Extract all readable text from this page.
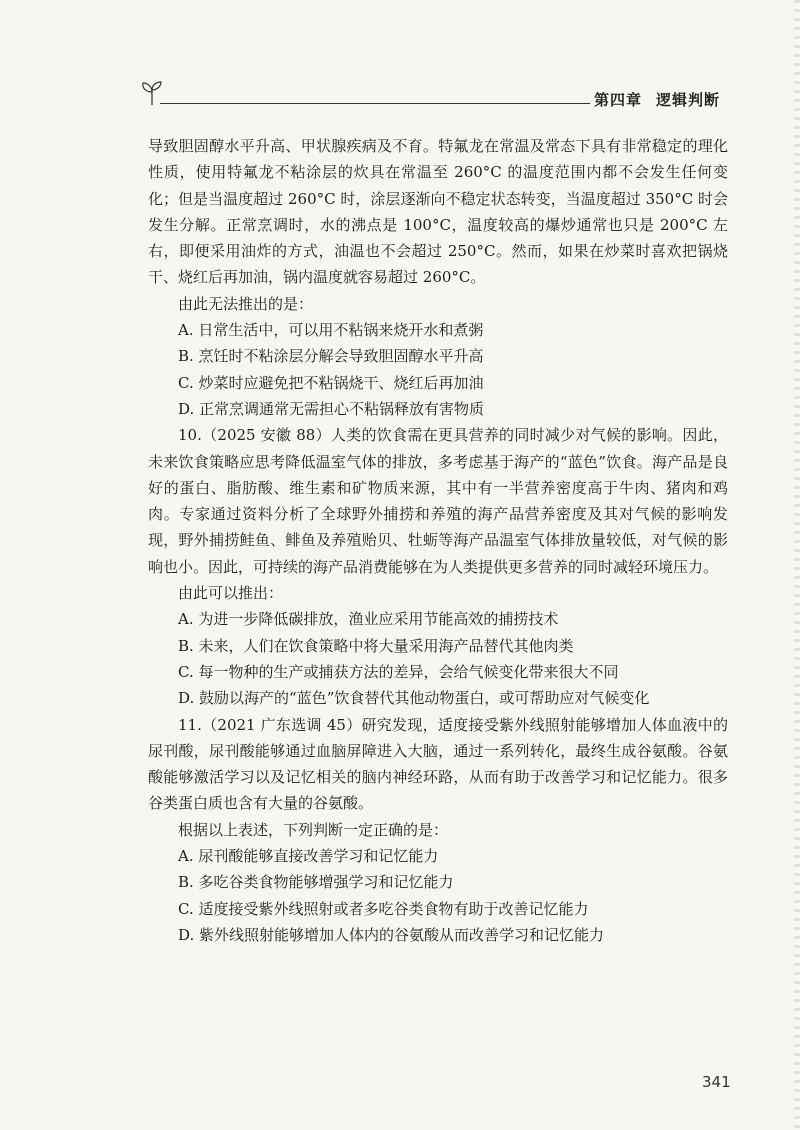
第四章 逻辑判断

导致胆固醇水平升高、甲状腺疾病及不育。特氟龙在常温及常态下具有非常稳定的理化性质，使用特氟龙不粘涂层的炊具在常温至 260°C 的温度范围内都不会发生任何变化；但是当温度超过 260°C 时，涂层逐渐向不稳定状态转变，当温度超过 350°C 时会发生分解。正常烹调时，水的沸点是 100°C，温度较高的爆炒通常也只是 200°C 左右，即便采用油炸的方式，油温也不会超过 250°C。然而，如果在炒菜时喜欢把锅烧干、烧红后再加油，锅内温度就容易超过 260°C。

由此无法推出的是：

A. 日常生活中，可以用不粘锅来烧开水和煮粥

B. 烹饪时不粘涂层分解会导致胆固醇水平升高

C. 炒菜时应避免把不粘锅烧干、烧红后再加油

D. 正常烹调通常无需担心不粘锅释放有害物质

10.（2025 安徽 88）人类的饮食需在更具营养的同时减少对气候的影响。因此，未来饮食策略应思考降低温室气体的排放，多考虑基于海产的“蓝色”饮食。海产品是良好的蛋白、脂肪酸、维生素和矿物质来源，其中有一半营养密度高于牛肉、猪肉和鸡肉。专家通过资料分析了全球野外捕捞和养殖的海产品营养密度及其对气候的影响发现，野外捕捞鲑鱼、鲱鱼及养殖贻贝、牡蛎等海产品温室气体排放量较低，对气候的影响也小。因此，可持续的海产品消费能够在为人类提供更多营养的同时减轻环境压力。

由此可以推出：

A. 为进一步降低碳排放，渔业应采用节能高效的捕捞技术

B. 未来，人们在饮食策略中将大量采用海产品替代其他肉类

C. 每一物种的生产或捕获方法的差异，会给气候变化带来很大不同

D. 鼓励以海产的“蓝色”饮食替代其他动物蛋白，或可帮助应对气候变化

11.（2021 广东选调 45）研究发现，适度接受紫外线照射能够增加人体血液中的尿刊酸，尿刊酸能够通过血脑屏障进入大脑，通过一系列转化，最终生成谷氨酸。谷氨酸能够激活学习以及记忆相关的脑内神经环路，从而有助于改善学习和记忆能力。很多谷类蛋白质也含有大量的谷氨酸。

根据以上表述，下列判断一定正确的是：

A. 尿刊酸能够直接改善学习和记忆能力

B. 多吃谷类食物能够增强学习和记忆能力

C. 适度接受紫外线照射或者多吃谷类食物有助于改善记忆能力

D. 紫外线照射能够增加人体内的谷氨酸从而改善学习和记忆能力

341
